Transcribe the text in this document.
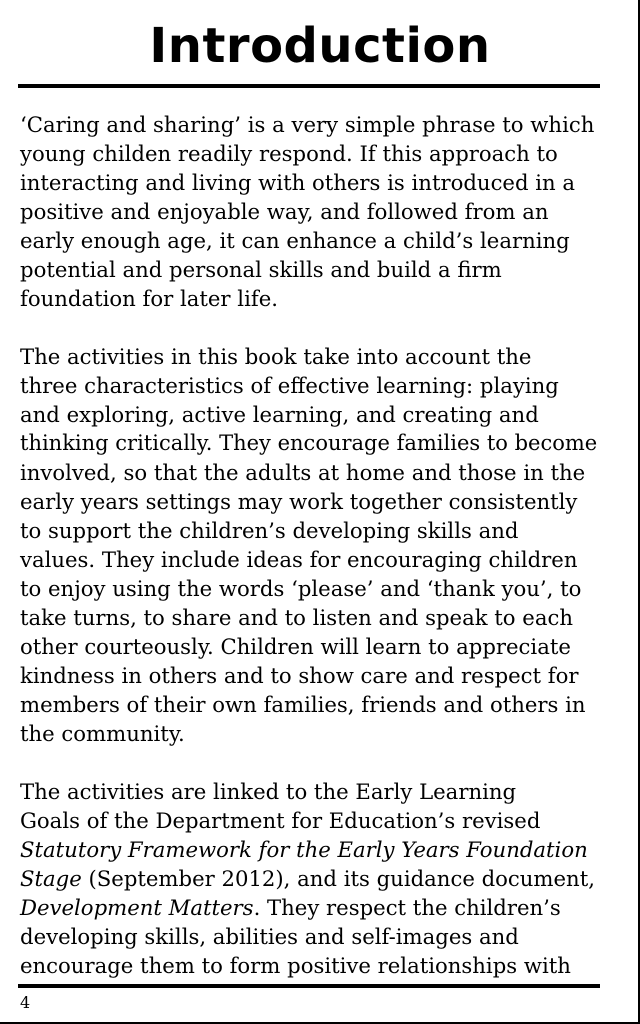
Introduction

‘Caring and sharing’ is a very simple phrase to which
young childen readily respond. If this approach to
interacting and living with others is introduced in a
positive and enjoyable way, and followed from an
early enough age, it can enhance a child’s learning
potential and personal skills and build a firm
foundation for later life.

The activities in this book take into account the
three characteristics of effective learning: playing
and exploring, active learning, and creating and
thinking critically. They encourage families to become
involved, so that the adults at home and those in the
early years settings may work together consistently
to support the children’s developing skills and
values. They include ideas for encouraging children
to enjoy using the words ‘please’ and ‘thank you’, to
take turns, to share and to listen and speak to each
other courteously. Children will learn to appreciate
kindness in others and to show care and respect for
members of their own families, friends and others in
the community.

The activities are linked to the Early Learning
Goals of the Department for Education’s revised
Statutory Framework for the Early Years Foundation
Stage (September 2012), and its guidance document,
Development Matters. They respect the children’s
developing skills, abilities and self-images and
encourage them to form positive relationships with

4
